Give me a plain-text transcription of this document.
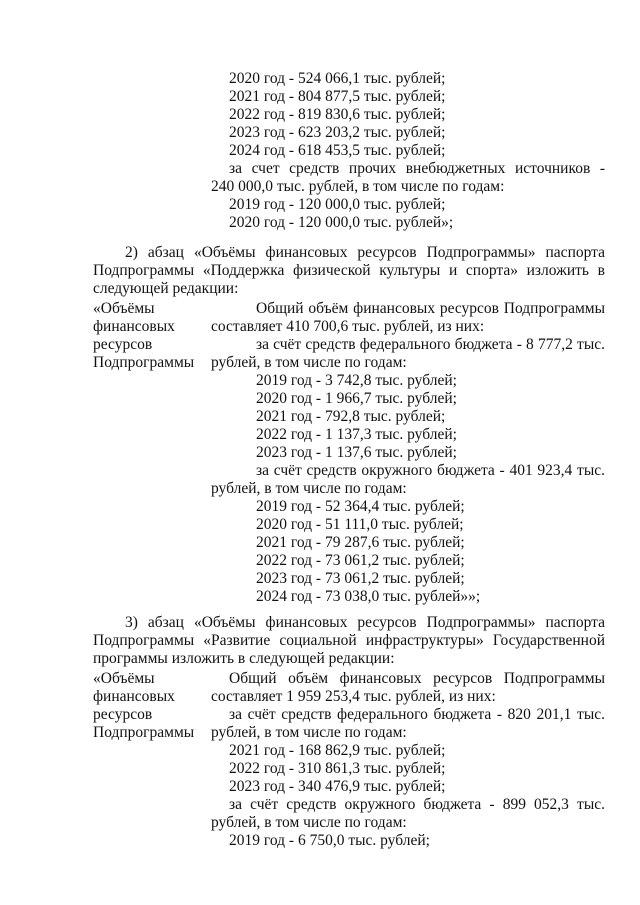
2020 год - 524 066,1 тыс. рублей;
2021 год - 804 877,5 тыс. рублей;
2022 год - 819 830,6 тыс. рублей;
2023 год - 623 203,2 тыс. рублей;
2024 год - 618 453,5 тыс. рублей;
за счет средств прочих внебюджетных источников -
240 000,0 тыс. рублей, в том числе по годам:
2019 год - 120 000,0 тыс. рублей;
2020 год - 120 000,0 тыс. рублей»;
2) абзац «Объёмы финансовых ресурсов Подпрограммы» паспорта
Подпрограммы «Поддержка физической культуры и спорта» изложить в
следующей редакции:
«Объёмы
финансовых
ресурсов
Подпрограммы
Общий объём финансовых ресурсов Подпрограммы
составляет 410 700,6 тыс. рублей, из них:
за счёт средств федерального бюджета - 8 777,2 тыс.
рублей, в том числе по годам:
2019 год - 3 742,8 тыс. рублей;
2020 год - 1 966,7 тыс. рублей;
2021 год - 792,8 тыс. рублей;
2022 год - 1 137,3 тыс. рублей;
2023 год - 1 137,6 тыс. рублей;
за счёт средств окружного бюджета - 401 923,4 тыс.
рублей, в том числе по годам:
2019 год - 52 364,4 тыс. рублей;
2020 год - 51 111,0 тыс. рублей;
2021 год - 79 287,6 тыс. рублей;
2022 год - 73 061,2 тыс. рублей;
2023 год - 73 061,2 тыс. рублей;
2024 год - 73 038,0 тыс. рублей»»;
3) абзац «Объёмы финансовых ресурсов Подпрограммы» паспорта
Подпрограммы «Развитие социальной инфраструктуры» Государственной
программы изложить в следующей редакции:
«Объёмы
финансовых
ресурсов
Подпрограммы
Общий объём финансовых ресурсов Подпрограммы
составляет 1 959 253,4 тыс. рублей, из них:
за счёт средств федерального бюджета - 820 201,1 тыс.
рублей, в том числе по годам:
2021 год - 168 862,9 тыс. рублей;
2022 год - 310 861,3 тыс. рублей;
2023 год - 340 476,9 тыс. рублей;
за счёт средств окружного бюджета - 899 052,3 тыс.
рублей, в том числе по годам:
2019 год - 6 750,0 тыс. рублей;
